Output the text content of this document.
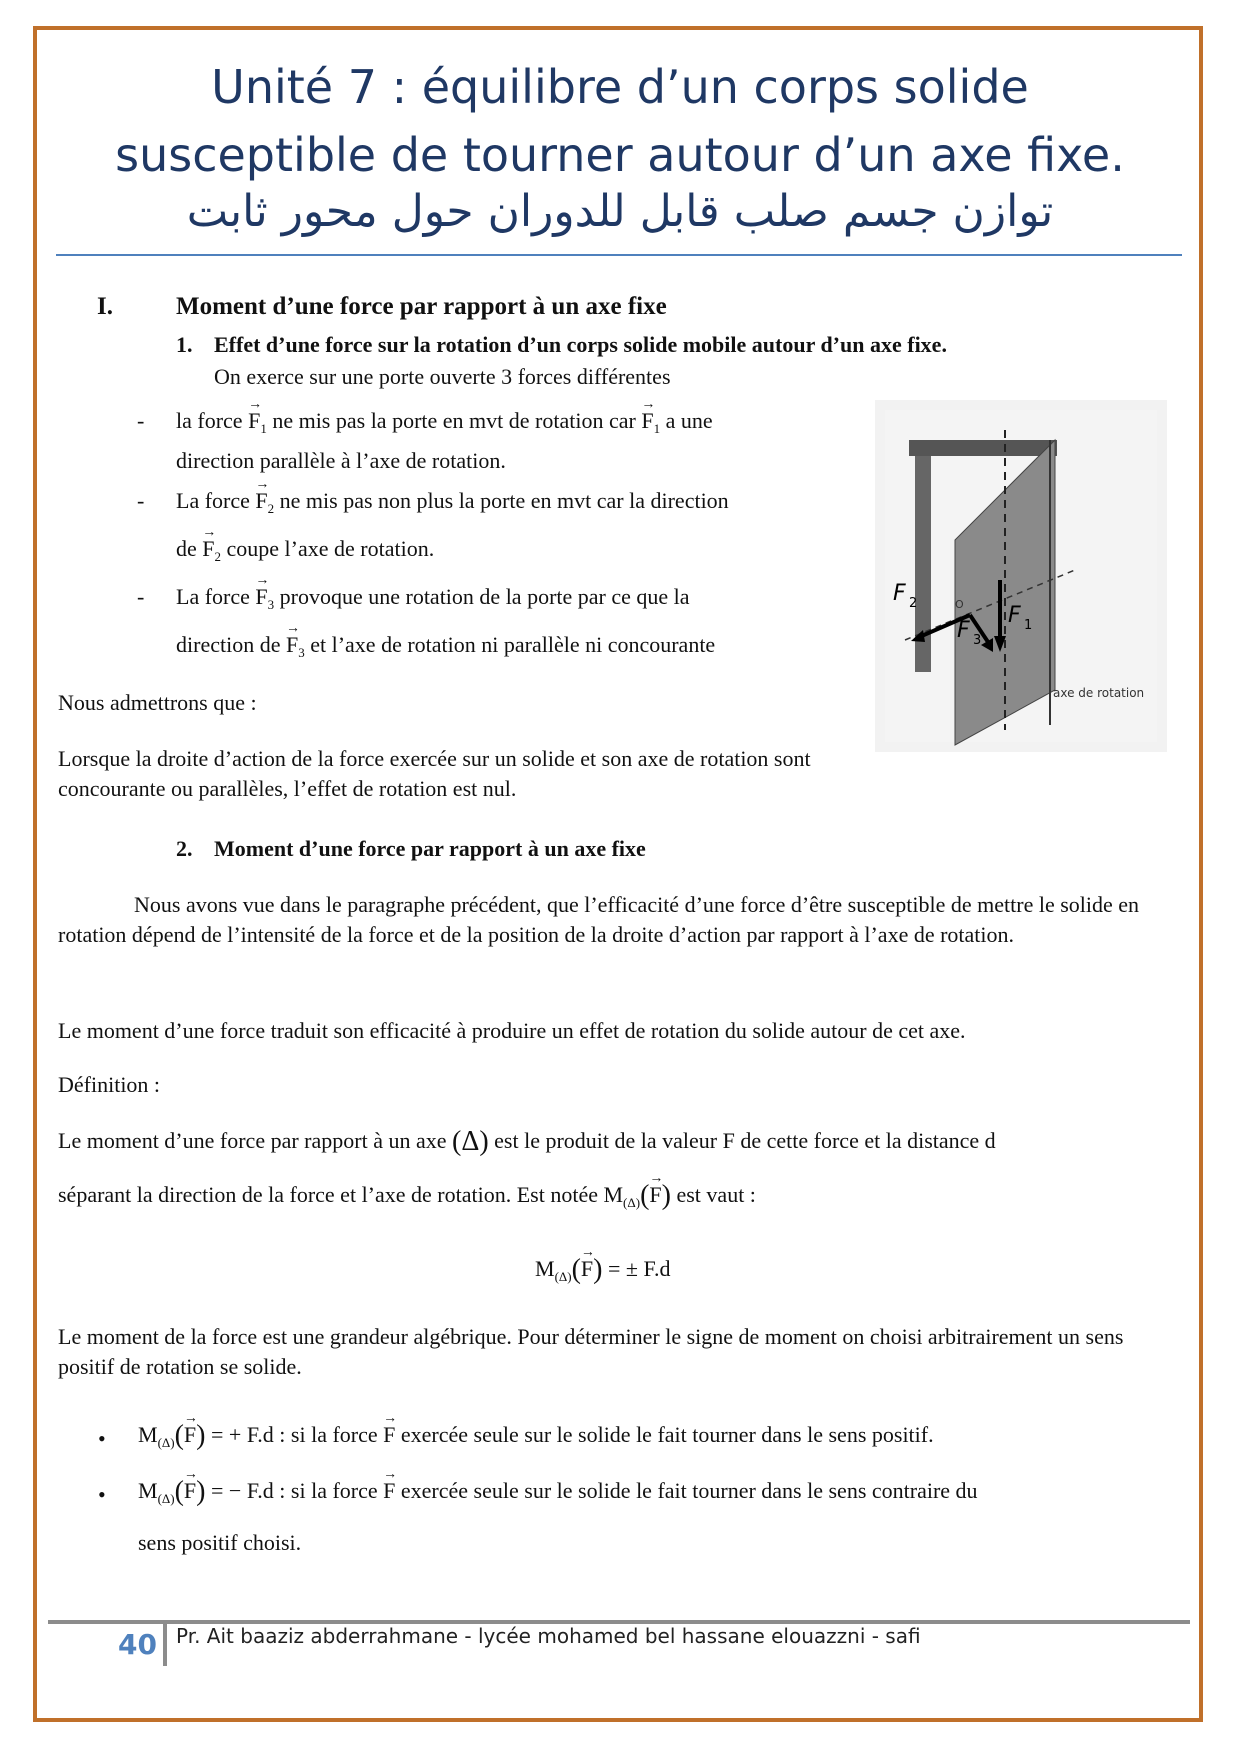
Unité 7 : équilibre d’un corps solide
susceptible de tourner autour d’un axe fixe.
توازن جسم صلب قابل للدوران حول محور ثابت
I.	Moment d’une force par rapport à un axe fixe
1. Effet d’une force sur la rotation d’un corps solide mobile autour d’un axe fixe.
On exerce sur une porte ouverte 3 forces différentes
- la force → $F_1$ ne mis pas la porte en mvt de rotation car → $F_1$ a une
direction parallèle à l’axe de rotation.
- La force → $F_2$ ne mis pas non plus la porte en mvt car la direction
de → $F_2$ coupe l’axe de rotation.
- La force → $F_3$ provoque une rotation de la porte par ce que la
direction de → $F_3$ et l’axe de rotation ni parallèle ni concourante
F 2
F 3
F 1
O
axe de rotation
Nous admettrons que :
Lorsque la droite d’action de la force exercée sur un solide et son axe de rotation sont concourante ou parallèles, l’effet de rotation est nul.
2. Moment d’une force par rapport à un axe fixe
Nous avons vue dans le paragraphe précédent, que l’efficacité d’une force d’être susceptible de mettre le solide en rotation dépend de l’intensité de la force et de la position de la droite d’action par rapport à l’axe de rotation.
Le moment d’une force traduit son efficacité à produire un effet de rotation du solide autour de cet axe.
Définition :
Le moment d’une force par rapport à un axe (Δ) est le produit de la valeur F de cette force et la distance d
séparant la direction de la force et l’axe de rotation. Est notée $M_{(\Delta)}(\to F)$ est vaut :
$M_{(\Delta)}(\to F)$ = ± F.d
Le moment de la force est une grandeur algébrique. Pour déterminer le signe de moment on choisi arbitrairement un sens positif de rotation se solide.
• $M_{(\Delta)}(\to F)$ = + F.d : si la force → F exercée seule sur le solide le fait tourner dans le sens positif.
• $M_{(\Delta)}(\to F)$ = − F.d : si la force → F exercée seule sur le solide le fait tourner dans le sens contraire du
sens positif choisi.
40 Pr. Ait baaziz abderrahmane - lycée mohamed bel hassane elouazzni - safi
